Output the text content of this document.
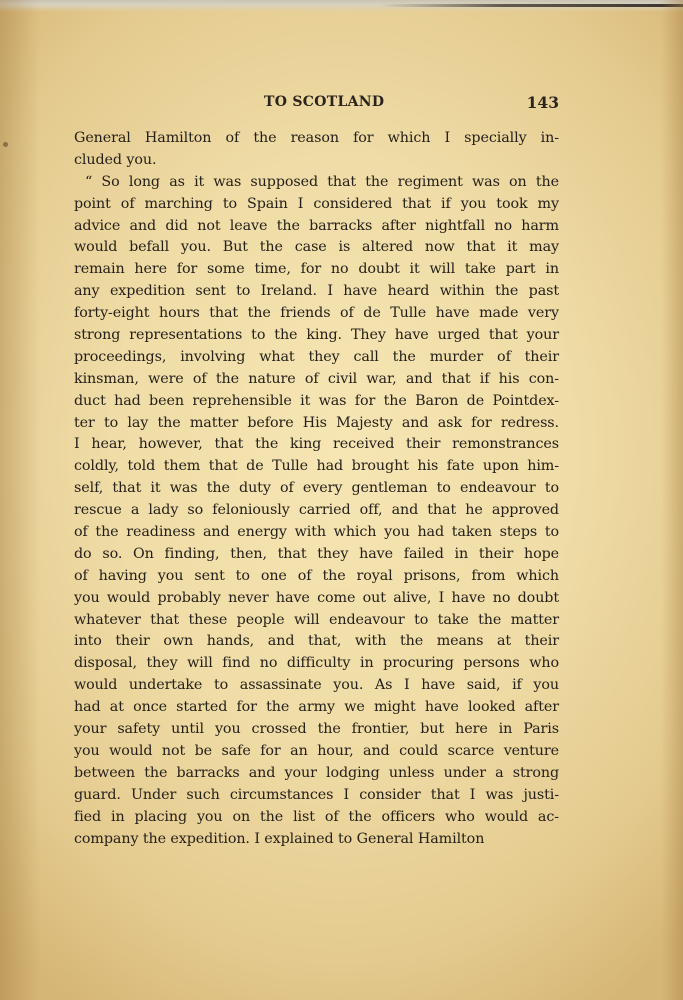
TO SCOTLAND	143
General Hamilton of the reason for which I specially in-
cluded you.
“ So long as it was supposed that the regiment was on the
point of marching to Spain I considered that if you took my
advice and did not leave the barracks after nightfall no harm
would befall you. But the case is altered now that it may
remain here for some time, for no doubt it will take part in
any expedition sent to Ireland. I have heard within the past
forty-eight hours that the friends of de Tulle have made very
strong representations to the king. They have urged that your
proceedings, involving what they call the murder of their
kinsman, were of the nature of civil war, and that if his con-
duct had been reprehensible it was for the Baron de Pointdex-
ter to lay the matter before His Majesty and ask for redress.
I hear, however, that the king received their remonstrances
coldly, told them that de Tulle had brought his fate upon him-
self, that it was the duty of every gentleman to endeavour to
rescue a lady so feloniously carried off, and that he approved
of the readiness and energy with which you had taken steps to
do so. On finding, then, that they have failed in their hope
of having you sent to one of the royal prisons, from which
you would probably never have come out alive, I have no doubt
whatever that these people will endeavour to take the matter
into their own hands, and that, with the means at their
disposal, they will find no difficulty in procuring persons who
would undertake to assassinate you. As I have said, if you
had at once started for the army we might have looked after
your safety until you crossed the frontier, but here in Paris
you would not be safe for an hour, and could scarce venture
between the barracks and your lodging unless under a strong
guard. Under such circumstances I consider that I was justi-
fied in placing you on the list of the officers who would ac-
company the expedition. I explained to General Hamilton
